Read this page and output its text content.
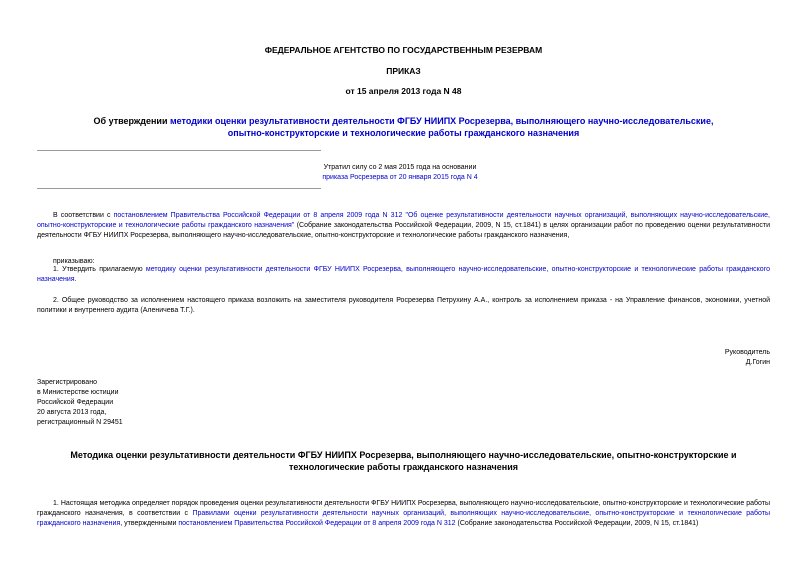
ФЕДЕРАЛЬНОЕ АГЕНТСТВО ПО ГОСУДАРСТВЕННЫМ РЕЗЕРВАМ
ПРИКАЗ
от 15 апреля 2013 года N 48
Об утверждении методики оценки результативности деятельности ФГБУ НИИПХ Росрезерва, выполняющего научно-исследовательские, опытно-конструкторские и технологические работы гражданского назначения
Утратил силу со 2 мая 2015 года на основании
приказа Росрезерва от 20 января 2015 года N 4
В соответствии с постановлением Правительства Российской Федерации от 8 апреля 2009 года N 312 "Об оценке результативности деятельности научных организаций, выполняющих научно-исследовательские, опытно-конструкторские и технологические работы гражданского назначения" (Собрание законодательства Российской Федерации, 2009, N 15, ст.1841) в целях организации работ по проведению оценки результативности деятельности ФГБУ НИИПХ Росрезерва, выполняющего научно-исследовательские, опытно-конструкторские и технологические работы гражданского назначения,
приказываю:
1. Утвердить прилагаемую методику оценки результативности деятельности ФГБУ НИИПХ Росрезерва, выполняющего научно-исследовательские, опытно-конструкторские и технологические работы гражданского назначения.
2. Общее руководство за исполнением настоящего приказа возложить на заместителя руководителя Росрезерва Петрухину А.А., контроль за исполнением приказа - на Управление финансов, экономики, учетной политики и внутреннего аудита (Аленичева Т.Г.).
Руководитель
Д.Гогин
Зарегистрировано
в Министерстве юстиции
Российской Федерации
20 августа 2013 года,
регистрационный N 29451
Методика оценки результативности деятельности ФГБУ НИИПХ Росрезерва, выполняющего научно-исследовательские, опытно-конструкторские и технологические работы гражданского назначения
1. Настоящая методика определяет порядок проведения оценки результативности деятельности ФГБУ НИИПХ Росрезерва, выполняющего научно-исследовательские, опытно-конструкторские и технологические работы гражданского назначения, в соответствии с Правилами оценки результативности деятельности научных организаций, выполняющих научно-исследовательские, опытно-конструкторские и технологические работы гражданского назначения, утвержденными постановлением Правительства Российской Федерации от 8 апреля 2009 года N 312 (Собрание законодательства Российской Федерации, 2009, N 15, ст.1841)
